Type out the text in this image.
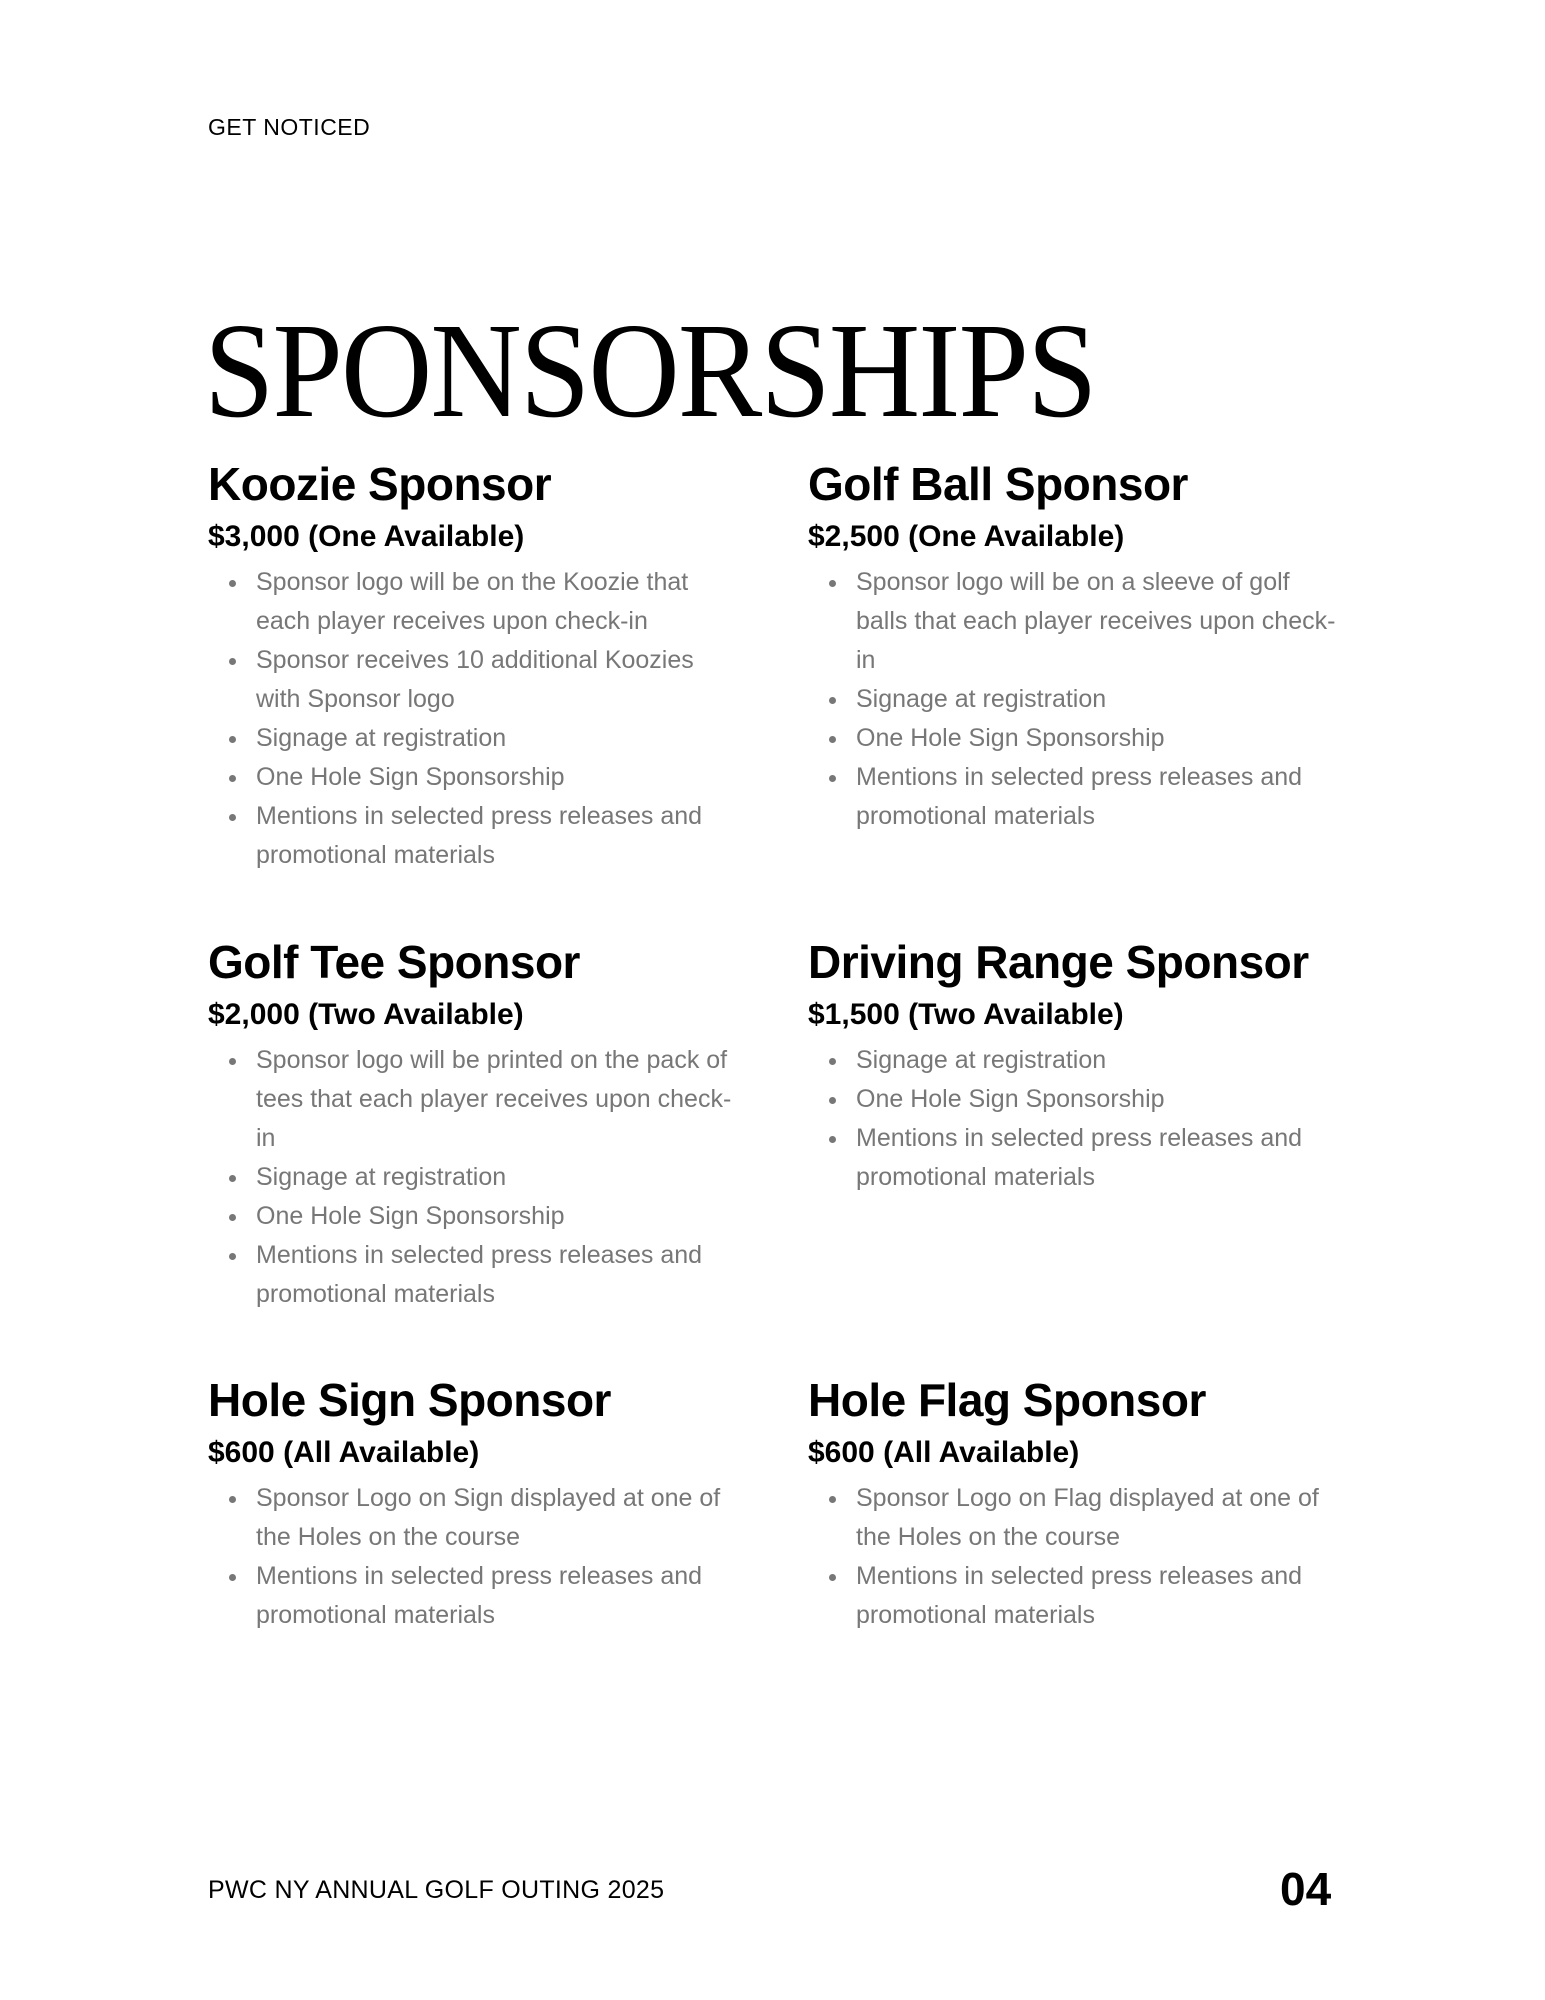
GET NOTICED
SPONSORSHIPS
Koozie Sponsor
$3,000 (One Available)
Sponsor logo will be on the Koozie that each player receives upon check-in
Sponsor receives 10 additional Koozies with Sponsor logo
Signage at registration
One Hole Sign Sponsorship
Mentions in selected press releases and promotional materials
Golf Ball Sponsor
$2,500 (One Available)
Sponsor logo will be on a sleeve of golf balls that each player receives upon check-in
Signage at registration
One Hole Sign Sponsorship
Mentions in selected press releases and promotional materials
Golf Tee Sponsor
$2,000 (Two Available)
Sponsor logo will be printed on the pack of tees that each player receives upon check-in
Signage at registration
One Hole Sign Sponsorship
Mentions in selected press releases and promotional materials
Driving Range Sponsor
$1,500 (Two Available)
Signage at registration
One Hole Sign Sponsorship
Mentions in selected press releases and promotional materials
Hole Sign Sponsor
$600 (All Available)
Sponsor Logo on Sign displayed at one of the Holes on the course
Mentions in selected press releases and promotional materials
Hole Flag Sponsor
$600 (All Available)
Sponsor Logo on Flag displayed at one of the Holes on the course
Mentions in selected press releases and promotional materials
PWC NY ANNUAL GOLF OUTING 2025	04
